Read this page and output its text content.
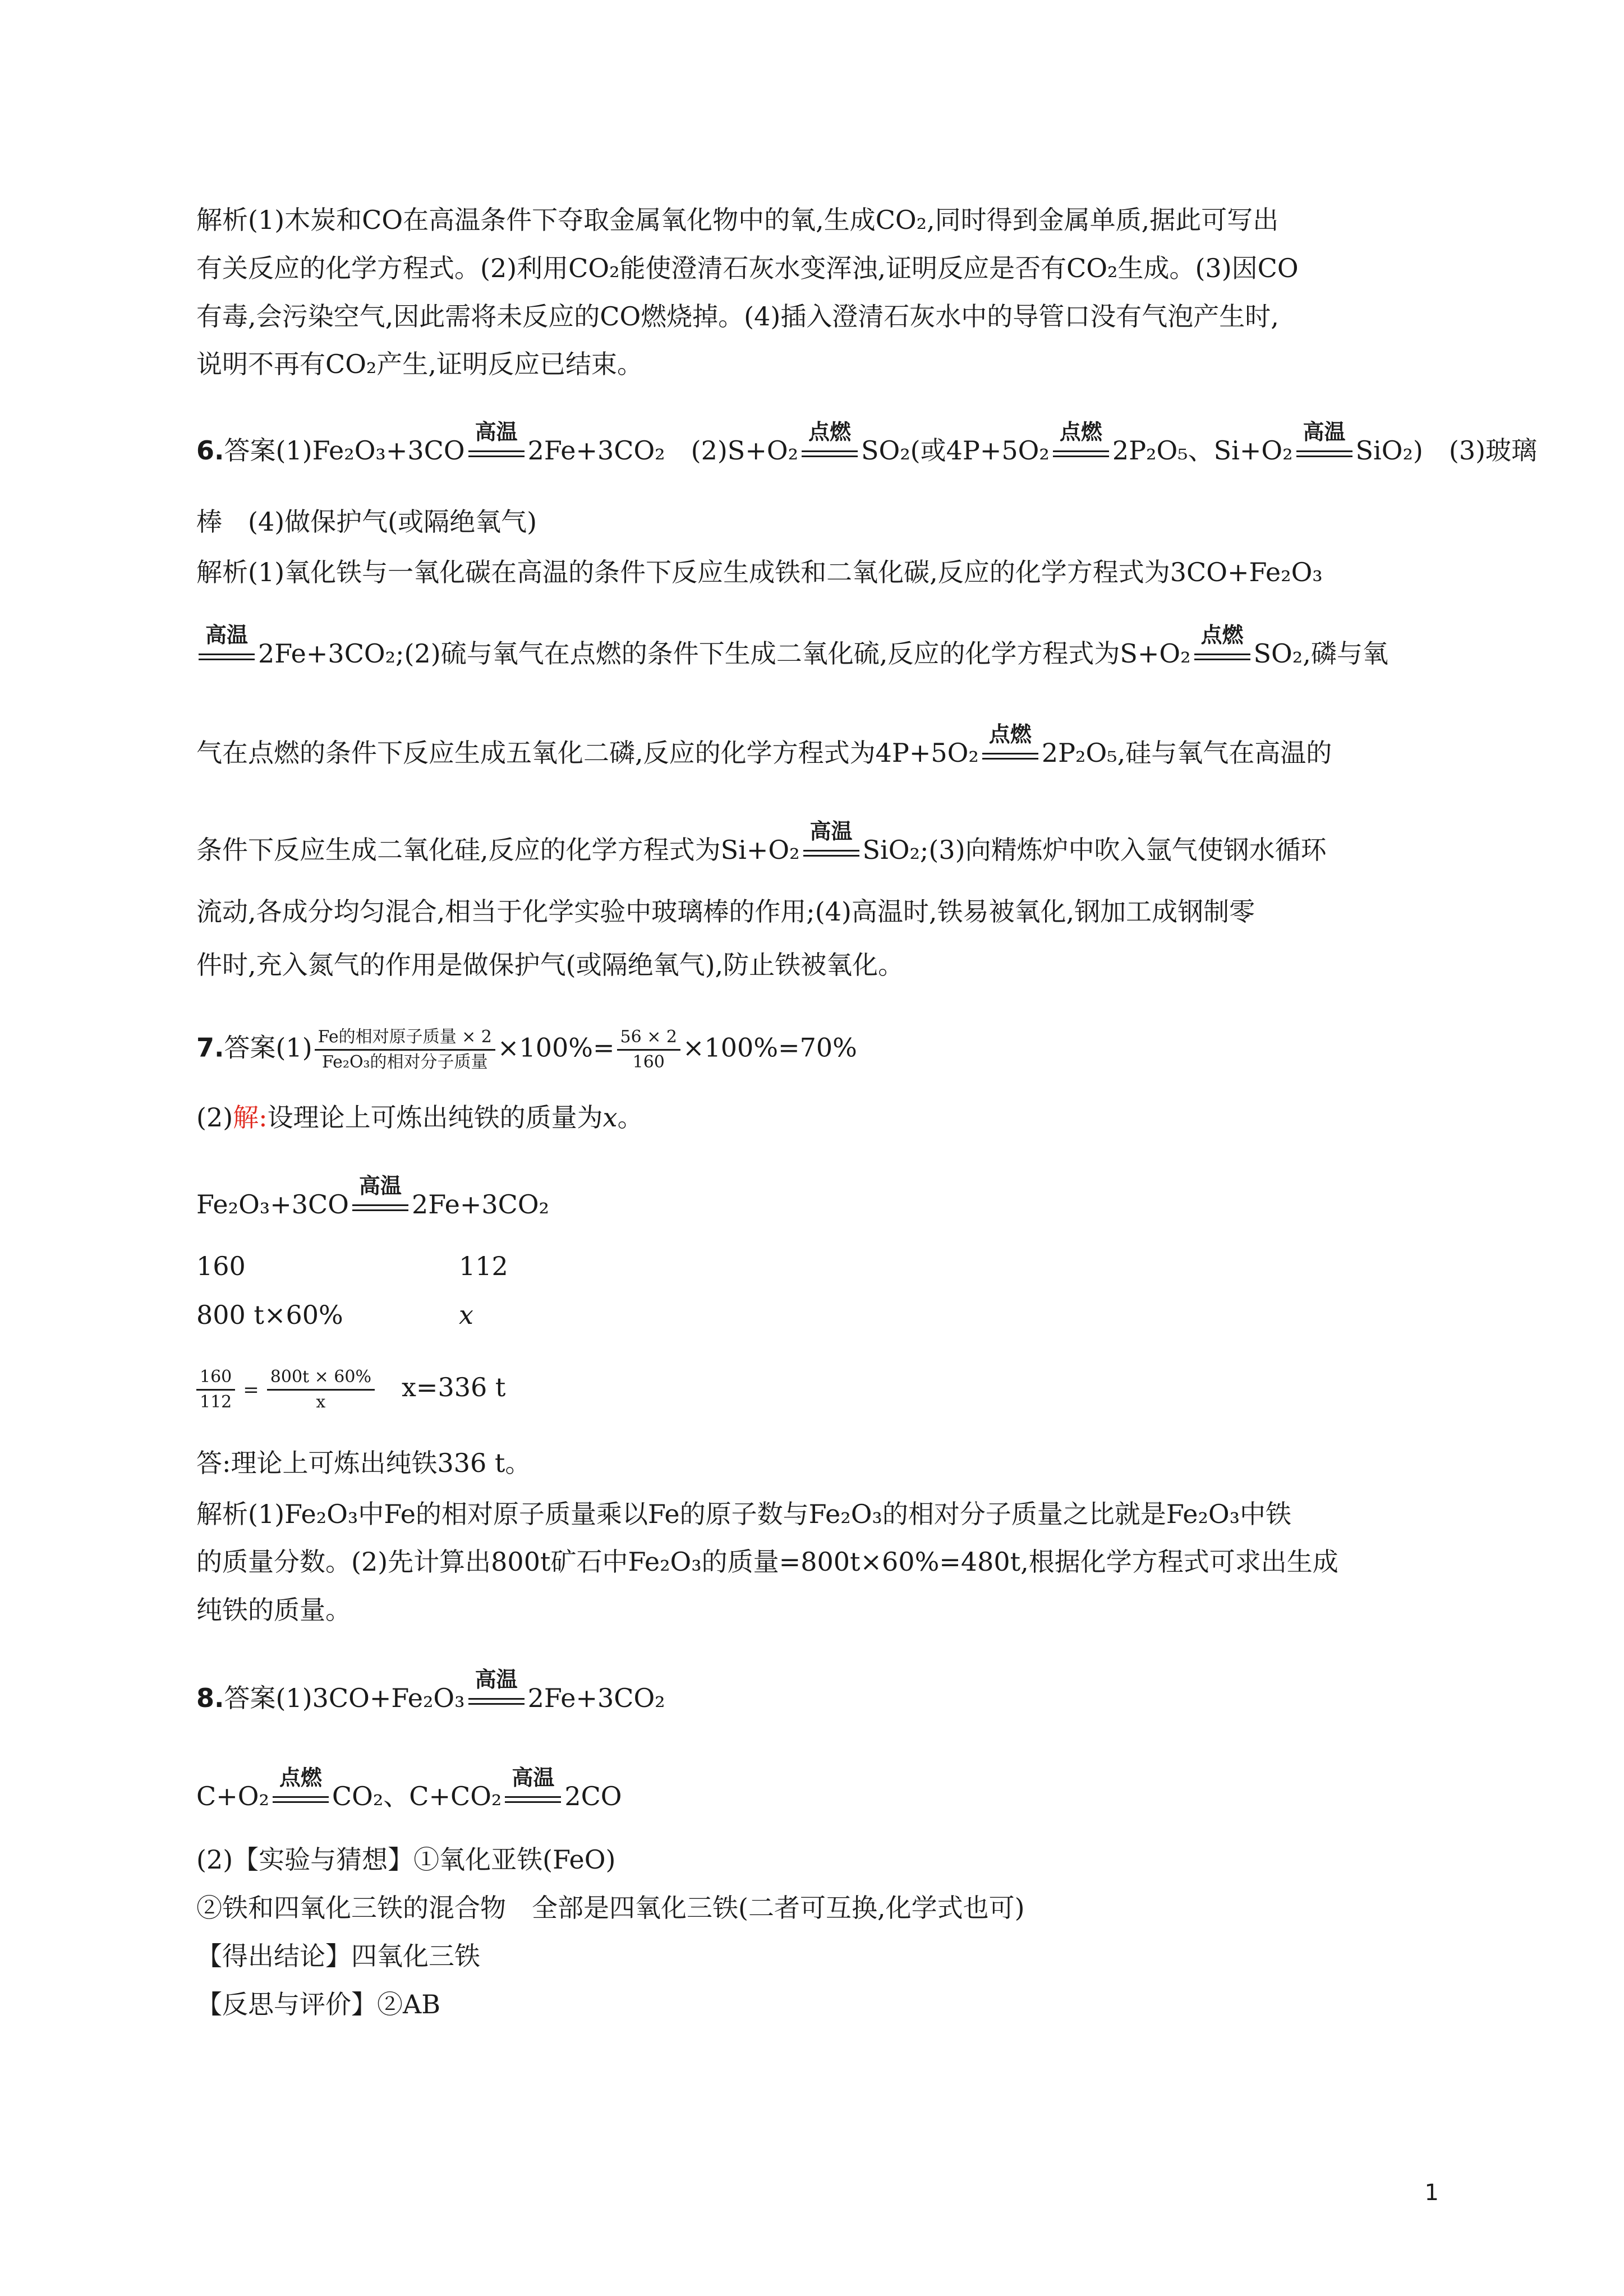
解析(1)木炭和CO在高温条件下夺取金属氧化物中的氧,生成CO₂,同时得到金属单质,据此可写出

有关反应的化学方程式。(2)利用CO₂能使澄清石灰水变浑浊,证明反应是否有CO₂生成。(3)因CO

有毒,会污染空气,因此需将未反应的CO燃烧掉。(4)插入澄清石灰水中的导管口没有气泡产生时,

说明不再有CO₂产生,证明反应已结束。

6.答案(1)Fe₂O₃+3CO
高温
2Fe+3CO₂　 (2)S+O₂
点燃
SO₂(或4P+5O₂
点燃
2P₂O₅、Si+O₂
高温
SiO₂)　 (3)玻璃

棒　(4)做保护气(或隔绝氧气)

解析(1)氧化铁与一氧化碳在高温的条件下反应生成铁和二氧化碳,反应的化学方程式为3CO+Fe₂O₃

高温
2Fe+3CO₂;(2)硫与氧气在点燃的条件下生成二氧化硫,反应的化学方程式为S+O₂
点燃
SO₂,磷与氧

气在点燃的条件下反应生成五氧化二磷,反应的化学方程式为4P+5O₂
点燃
2P₂O₅,硅与氧气在高温的

条件下反应生成二氧化硅,反应的化学方程式为Si+O₂
高温
SiO₂;(3)向精炼炉中吹入氩气使钢水循环

流动,各成分均匀混合,相当于化学实验中玻璃棒的作用;(4)高温时,铁易被氧化,钢加工成钢制零

件时,充入氮气的作用是做保护气(或隔绝氧气),防止铁被氧化。

7.答案$(1) \frac{\text{Fe的相对原子质量 × 2}}{\text{Fe₂O₃的相对分子质量}} \times 100\%= \frac{56 \times 2}{160} \times 100\%=70\%$

(2)解:设理论上可炼出纯铁的质量为x。

Fe₂O₃+3CO
高温
2Fe+3CO₂

160	112

800 t×60%	x

$\frac{160}{112} = \frac{800t \times 60\%}{x} x=336$ t

答:理论上可炼出纯铁336 t。

解析(1)Fe₂O₃中Fe的相对原子质量乘以Fe的原子数与Fe₂O₃的相对分子质量之比就是Fe₂O₃中铁

的质量分数。(2)先计算出800t矿石中Fe₂O₃的质量=800t×60%=480t,根据化学方程式可求出生成

纯铁的质量。

8.答案(1)3CO+Fe₂O₃
高温
2Fe+3CO₂

C+O₂
点燃
CO₂、C+CO₂
高温
2CO

(2)【实验与猜想】①氧化亚铁(FeO)

②铁和四氧化三铁的混合物　全部是四氧化三铁(二者可互换,化学式也可)

【得出结论】四氧化三铁

【反思与评价】②AB

1
